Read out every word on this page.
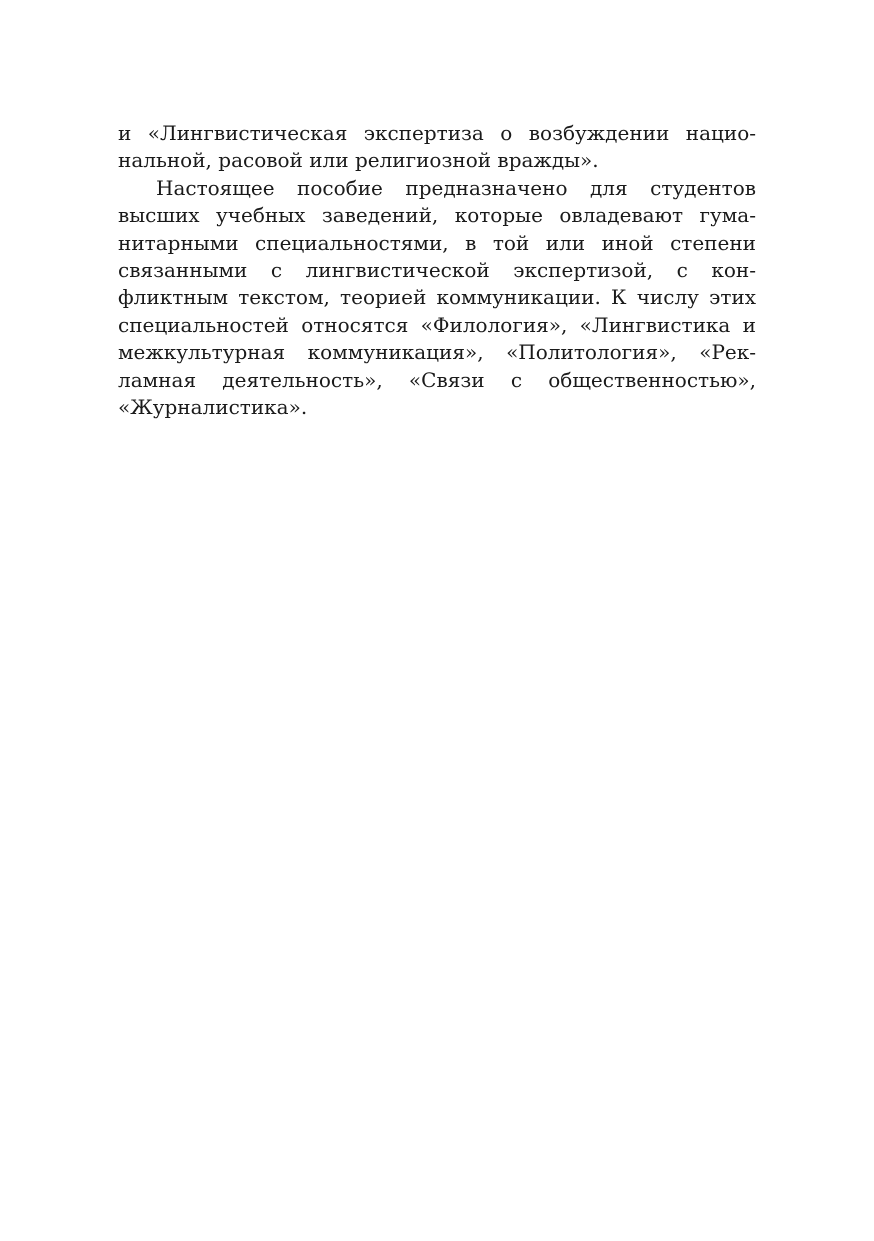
и «Лингвистическая экспертиза о возбуждении нацио-
нальной, расовой или религиозной вражды».
Настоящее пособие предназначено для студентов
высших учебных заведений, которые овладевают гума-
нитарными специальностями, в той или иной степени
связанными с лингвистической экспертизой, с кон-
фликтным текстом, теорией коммуникации. К числу этих
специальностей относятся «Филология», «Лингвистика и
межкультурная коммуникация», «Политология», «Рек-
ламная деятельность», «Связи с общественностью»,
«Журналистика».
